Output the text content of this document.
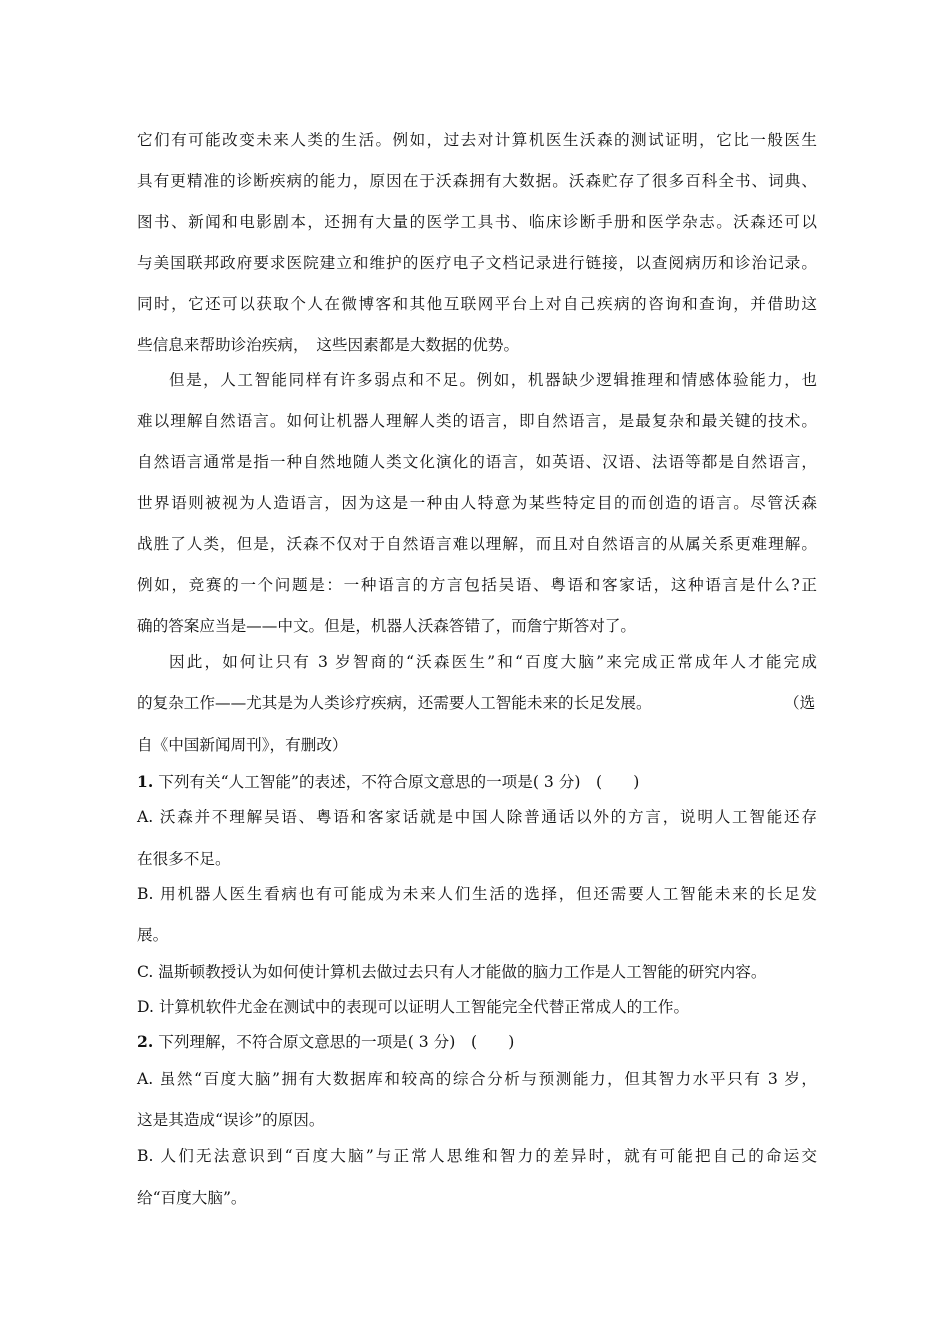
它们有可能改变未来人类的生活。例如，过去对计算机医生沃森的测试证明，它比一般医生
具有更精准的诊断疾病的能力，原因在于沃森拥有大数据。沃森贮存了很多百科全书、词典、
图书、新闻和电影剧本，还拥有大量的医学工具书、临床诊断手册和医学杂志。沃森还可以
与美国联邦政府要求医院建立和维护的医疗电子文档记录进行链接，以查阅病历和诊治记录。
同时，它还可以获取个人在微博客和其他互联网平台上对自己疾病的咨询和查询，并借助这
些信息来帮助诊治疾病，　这些因素都是大数据的优势。
但是，人工智能同样有许多弱点和不足。例如，机器缺少逻辑推理和情感体验能力，也
难以理解自然语言。如何让机器人理解人类的语言，即自然语言，是最复杂和最关键的技术。
自然语言通常是指一种自然地随人类文化演化的语言，如英语、汉语、法语等都是自然语言，
世界语则被视为人造语言，因为这是一种由人特意为某些特定目的而创造的语言。尽管沃森
战胜了人类，但是，沃森不仅对于自然语言难以理解，而且对自然语言的从属关系更难理解。
例如，竞赛的一个问题是：一种语言的方言包括吴语、粤语和客家话，这种语言是什么?正
确的答案应当是——中文。但是，机器人沃森答错了，而詹宁斯答对了。
因此，如何让只有 3 岁智商的“沃森医生”和“百度大脑”来完成正常成年人才能完成
的复杂工作——尤其是为人类诊疗疾病，还需要人工智能未来的长足发展。	（选
自《中国新闻周刊》，有删改）
1. 下列有关“人工智能”的表述，不符合原文意思的一项是( 3 分)　(　　)
A. 沃森并不理解吴语、粤语和客家话就是中国人除普通话以外的方言，说明人工智能还存
在很多不足。
B. 用机器人医生看病也有可能成为未来人们生活的选择，但还需要人工智能未来的长足发
展。
C. 温斯顿教授认为如何使计算机去做过去只有人才能做的脑力工作是人工智能的研究内容。
D. 计算机软件尤金在测试中的表现可以证明人工智能完全代替正常成人的工作。
2. 下列理解，不符合原文意思的一项是( 3 分)　(　　)
A. 虽然“百度大脑”拥有大数据库和较高的综合分析与预测能力，但其智力水平只有 3 岁，
这是其造成“误诊”的原因。
B. 人们无法意识到“百度大脑”与正常人思维和智力的差异时，就有可能把自己的命运交
给“百度大脑”。
